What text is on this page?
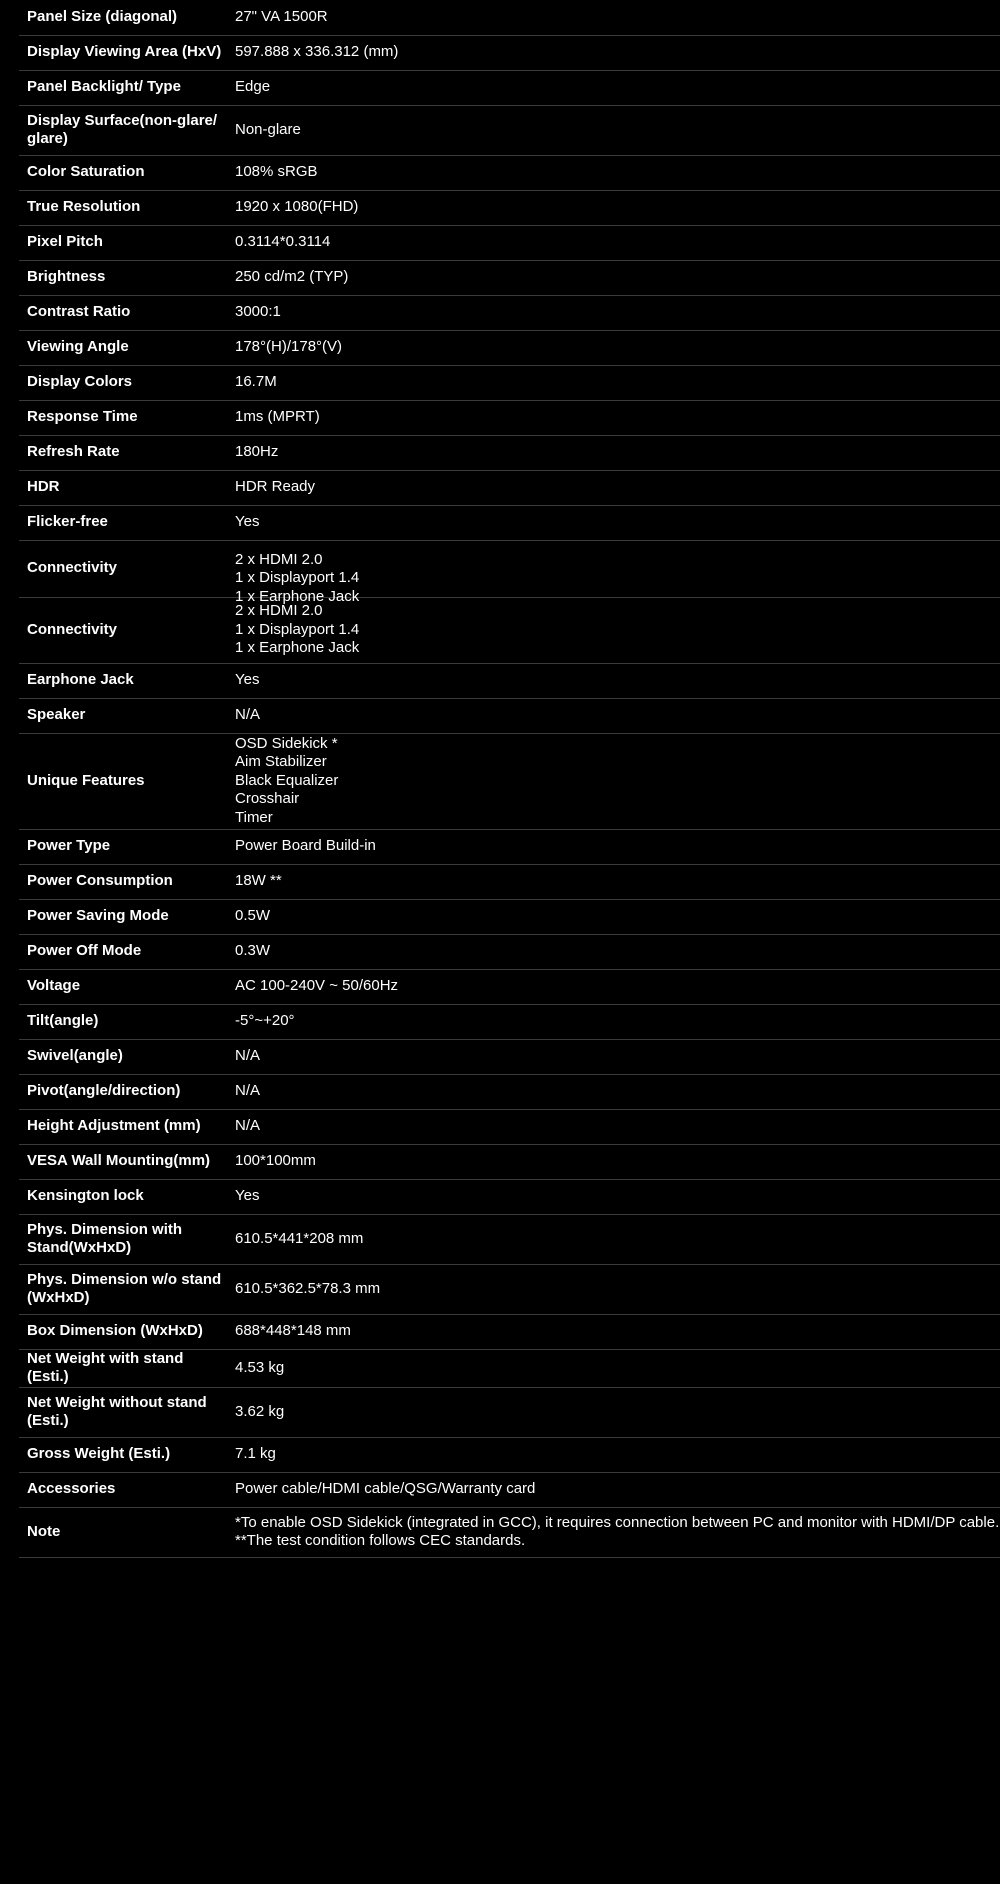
Panel Size (diagonal)	27" VA 1500R

Display Viewing Area (HxV)	597.888 x 336.312 (mm)

Panel Backlight/ Type	Edge

Display Surface(non-glare/ glare)	Non-glare

Color Saturation	108% sRGB

True Resolution	1920 x 1080(FHD)

Pixel Pitch	0.3114*0.3114

Brightness	250 cd/m2 (TYP)

Contrast Ratio	3000:1

Viewing Angle	178°(H)/178°(V)

Display Colors	16.7M

Response Time	1ms (MPRT)

Refresh Rate	180Hz

HDR	HDR Ready

Flicker-free	Yes

Connectivity	2 x HDMI 2.0
1 x Displayport 1.4
1 x Earphone Jack

Connectivity	2 x HDMI 2.0
1 x Displayport 1.4
1 x Earphone Jack

Earphone Jack	Yes

Speaker	N/A

Unique Features	OSD Sidekick *
Aim Stabilizer
Black Equalizer
Crosshair
Timer

Power Type	Power Board Build-in

Power Consumption	18W **

Power Saving Mode	0.5W

Power Off Mode	0.3W

Voltage	AC 100-240V ~ 50/60Hz

Tilt(angle)	-5°~+20°

Swivel(angle)	N/A

Pivot(angle/direction)	N/A

Height Adjustment (mm)	N/A

VESA Wall Mounting(mm)	100*100mm

Kensington lock	Yes

Phys. Dimension with Stand(WxHxD)	610.5*441*208 mm

Phys. Dimension w/o stand (WxHxD)	610.5*362.5*78.3 mm

Box Dimension (WxHxD)	688*448*148 mm

Net Weight with stand (Esti.)	4.53 kg

Net Weight without stand (Esti.)	3.62 kg

Gross Weight (Esti.)	7.1 kg

Accessories	Power cable/HDMI cable/QSG/Warranty card

Note	*To enable OSD Sidekick (integrated in GCC), it requires connection between PC and monitor with HDMI/DP cable.
**The test condition follows CEC standards.
